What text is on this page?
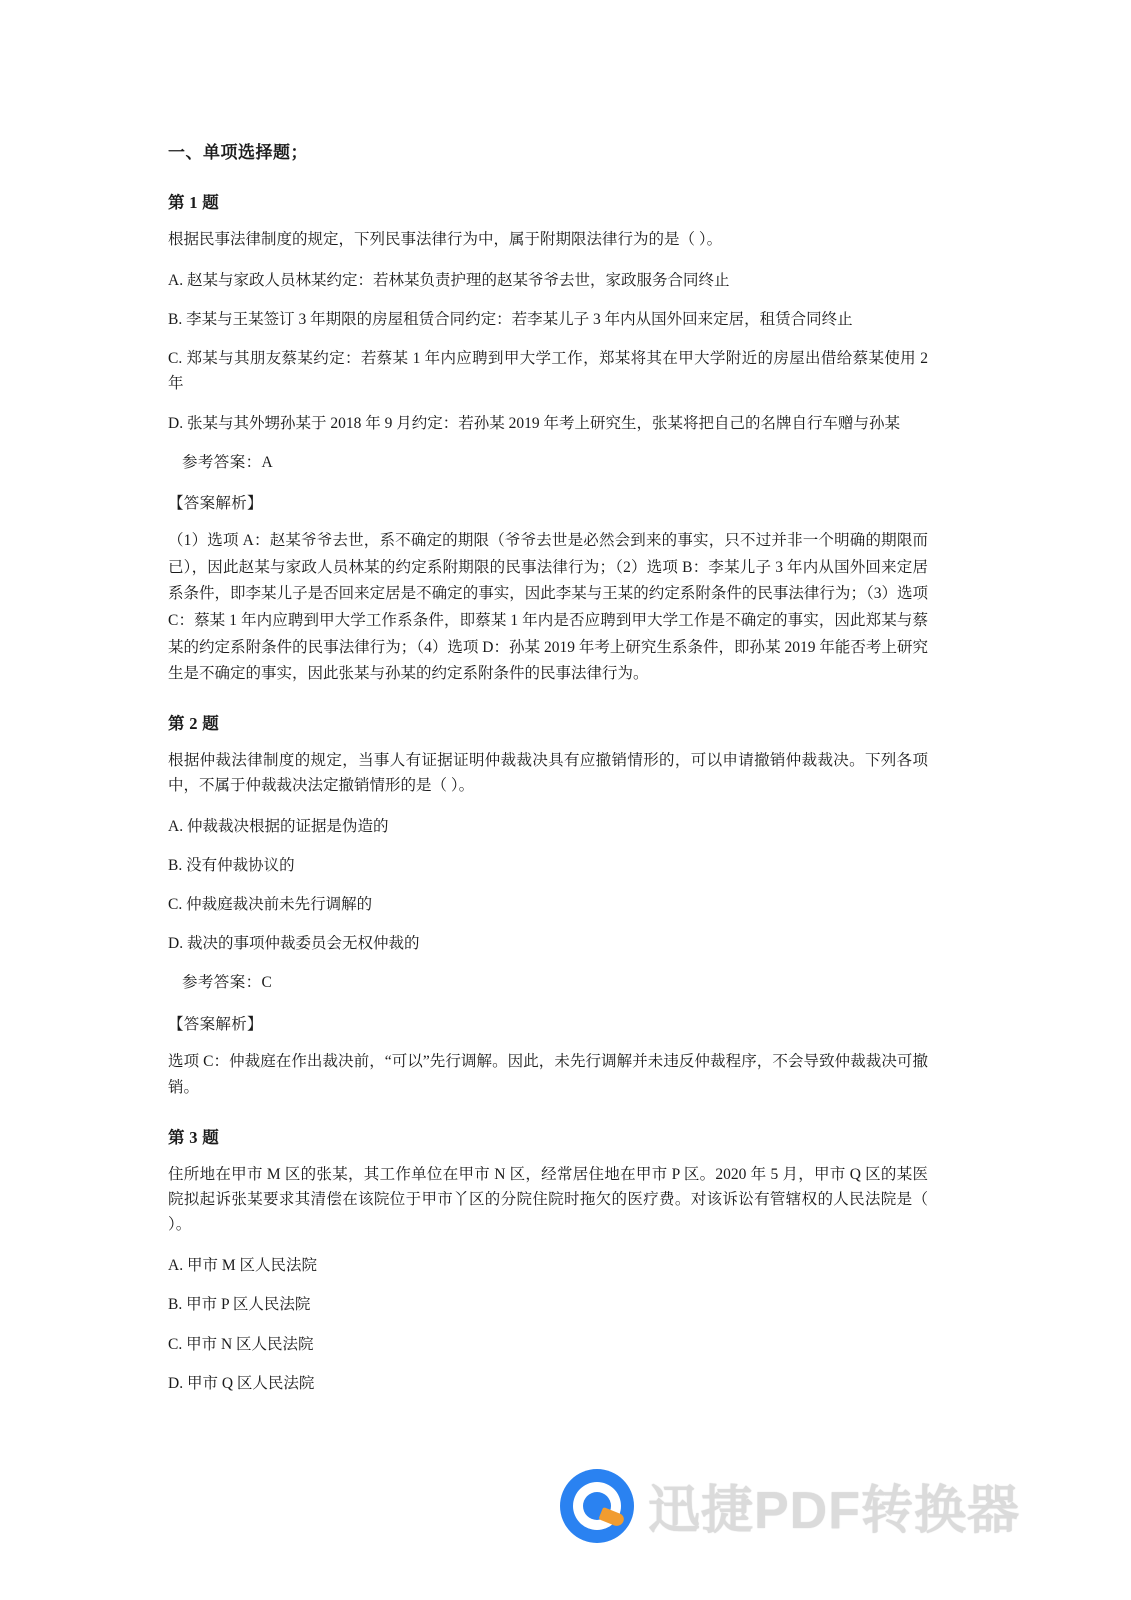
一、单项选择题；
第 1 题
根据民事法律制度的规定，下列民事法律行为中，属于附期限法律行为的是（ ）。
A. 赵某与家政人员林某约定：若林某负责护理的赵某爷爷去世，家政服务合同终止
B. 李某与王某签订 3 年期限的房屋租赁合同约定：若李某儿子 3 年内从国外回来定居，租赁合同终止
C. 郑某与其朋友蔡某约定：若蔡某 1 年内应聘到甲大学工作，郑某将其在甲大学附近的房屋出借给蔡某使用 2 年
D. 张某与其外甥孙某于 2018 年 9 月约定：若孙某 2019 年考上研究生，张某将把自己的名牌自行车赠与孙某
参考答案：A
【答案解析】

（1）选项 A：赵某爷爷去世，系不确定的期限（爷爷去世是必然会到来的事实，只不过并非一个明确的期限而已），因此赵某与家政人员林某的约定系附期限的民事法律行为；（2）选项 B：李某儿子 3 年内从国外回来定居系条件，即李某儿子是否回来定居是不确定的事实，因此李某与王某的约定系附条件的民事法律行为；（3）选项 C：蔡某 1 年内应聘到甲大学工作系条件，即蔡某 1 年内是否应聘到甲大学工作是不确定的事实，因此郑某与蔡某的约定系附条件的民事法律行为；（4）选项 D：孙某 2019 年考上研究生系条件，即孙某 2019 年能否考上研究生是不确定的事实，因此张某与孙某的约定系附条件的民事法律行为。

第 2 题
根据仲裁法律制度的规定，当事人有证据证明仲裁裁决具有应撤销情形的，可以申请撤销仲裁裁决。下列各项中，不属于仲裁裁决法定撤销情形的是（ ）。
A. 仲裁裁决根据的证据是伪造的
B. 没有仲裁协议的
C. 仲裁庭裁决前未先行调解的
D. 裁决的事项仲裁委员会无权仲裁的
参考答案：C
【答案解析】

选项 C：仲裁庭在作出裁决前，“可以”先行调解。因此，未先行调解并未违反仲裁程序，不会导致仲裁裁决可撤销。

第 3 题
住所地在甲市 M 区的张某，其工作单位在甲市 N 区，经常居住地在甲市 P 区。2020 年 5 月，甲市 Q 区的某医院拟起诉张某要求其清偿在该院位于甲市丫区的分院住院时拖欠的医疗费。对该诉讼有管辖权的人民法院是（ ）。
A. 甲市 M 区人民法院
B. 甲市 P 区人民法院
C. 甲市 N 区人民法院
D. 甲市 Q 区人民法院
迅捷PDF转换器
